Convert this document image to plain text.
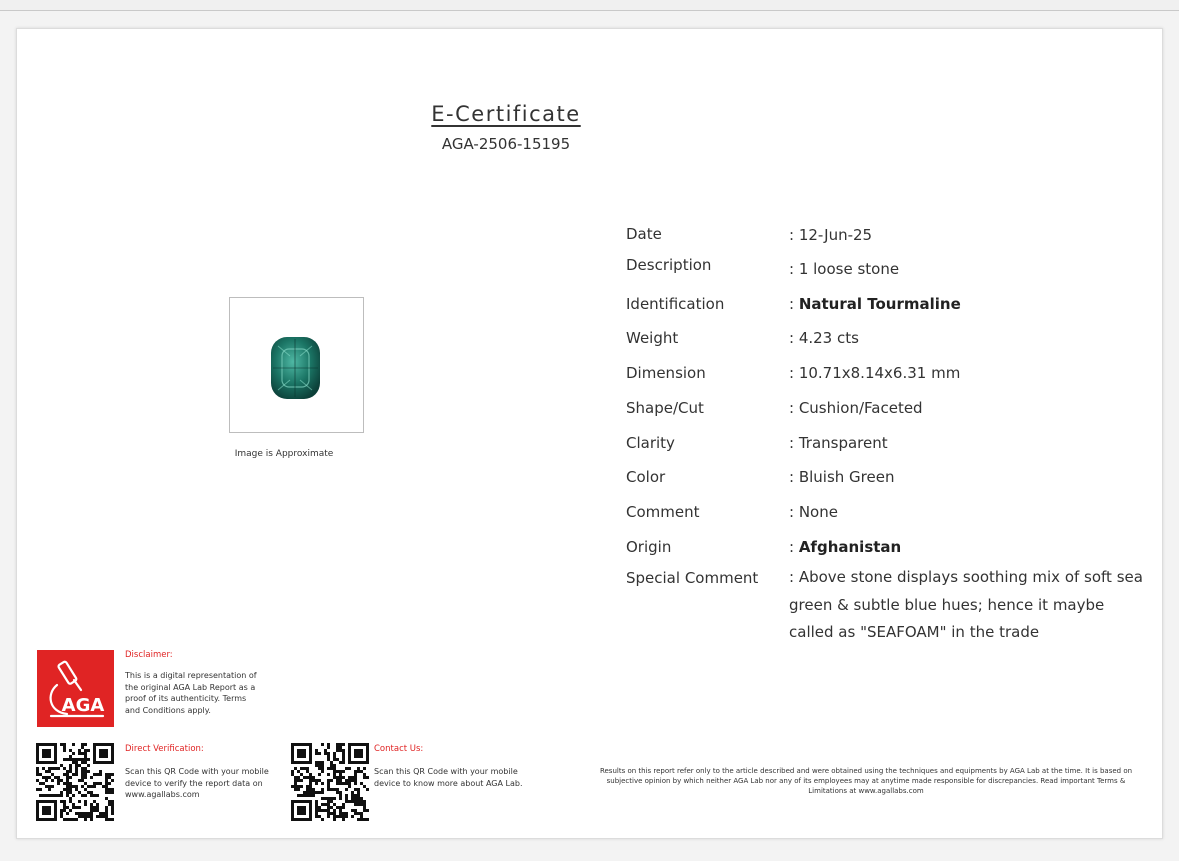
E-Certificate
AGA-2506-15195
Image is Approximate
Date	: 12-Jun-25
Description	: 1 loose stone
Identification	: Natural Tourmaline
Weight	: 4.23 cts
Dimension	: 10.71x8.14x6.31 mm
Shape/Cut	: Cushion/Faceted
Clarity	: Transparent
Color	: Bluish Green
Comment	: None
Origin	: Afghanistan
Special Comment : Above stone displays soothing mix of soft sea green & subtle blue hues; hence it maybe called as "SEAFOAM" in the trade
AGA
Disclaimer:
This is a digital representation of the original AGA Lab Report as a proof of its authenticity. Terms and Conditions apply.
Direct Verification:
Scan this QR Code with your mobile device to verify the report data on www.agallabs.com
Contact Us:
Scan this QR Code with your mobile device to know more about AGA Lab.
Results on this report refer only to the article described and were obtained using the techniques and equipments by AGA Lab at the time. It is based on subjective opinion by which neither AGA Lab nor any of its employees may at anytime made responsible for discrepancies. Read important Terms & Limitations at www.agallabs.com
